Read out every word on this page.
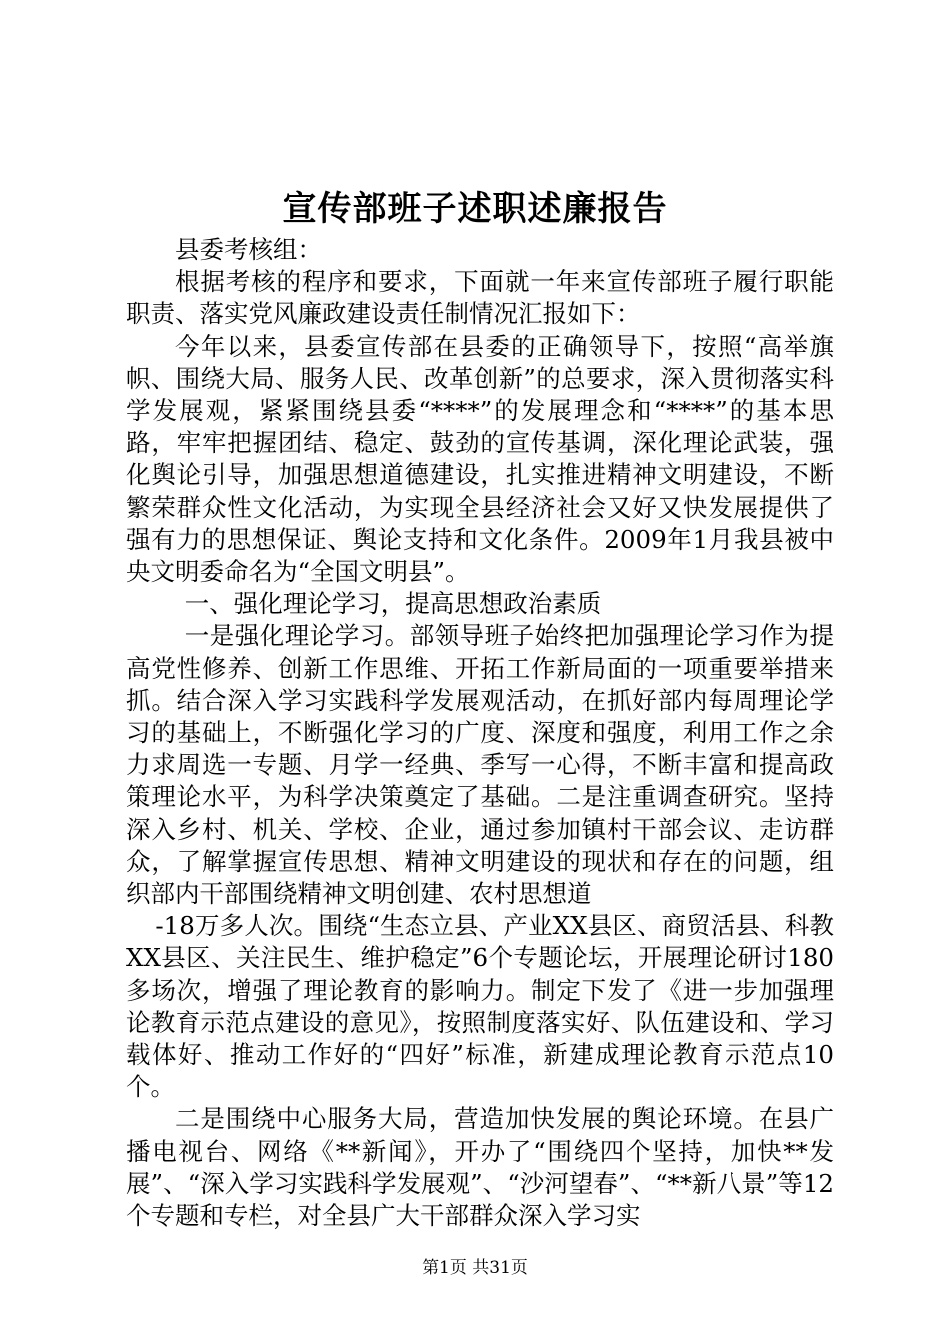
宣传部班子述职述廉报告

县委考核组：

根据考核的程序和要求，下面就一年来宣传部班子履行职能职责、落实党风廉政建设责任制情况汇报如下：

今年以来，县委宣传部在县委的正确领导下，按照“高举旗帜、围绕大局、服务人民、改革创新”的总要求，深入贯彻落实科学发展观，紧紧围绕县委“****”的发展理念和“****”的基本思路，牢牢把握团结、稳定、鼓劲的宣传基调，深化理论武装，强化舆论引导，加强思想道德建设，扎实推进精神文明建设，不断繁荣群众性文化活动，为实现全县经济社会又好又快发展提供了强有力的思想保证、舆论支持和文化条件。2009年1月我县被中央文明委命名为“全国文明县”。

一、强化理论学习，提高思想政治素质

一是强化理论学习。部领导班子始终把加强理论学习作为提高党性修养、创新工作思维、开拓工作新局面的一项重要举措来抓。结合深入学习实践科学发展观活动，在抓好部内每周理论学习的基础上，不断强化学习的广度、深度和强度，利用工作之余力求周选一专题、月学一经典、季写一心得，不断丰富和提高政策理论水平，为科学决策奠定了基础。二是注重调查研究。坚持深入乡村、机关、学校、企业，通过参加镇村干部会议、走访群众，了解掌握宣传思想、精神文明建设的现状和存在的问题，组织部内干部围绕精神文明创建、农村思想道

-18万多人次。围绕“生态立县、产业XX县区、商贸活县、科教XX县区、关注民生、维护稳定”6个专题论坛，开展理论研讨180多场次，增强了理论教育的影响力。制定下发了《进一步加强理论教育示范点建设的意见》，按照制度落实好、队伍建设和、学习载体好、推动工作好的“四好”标准，新建成理论教育示范点10个。

二是围绕中心服务大局，营造加快发展的舆论环境。在县广播电视台、网络《**新闻》，开办了“围绕四个坚持，加快**发展”、“深入学习实践科学发展观”、“沙河望春”、“**新八景”等12个专题和专栏，对全县广大干部群众深入学习实

第1页 共31页
